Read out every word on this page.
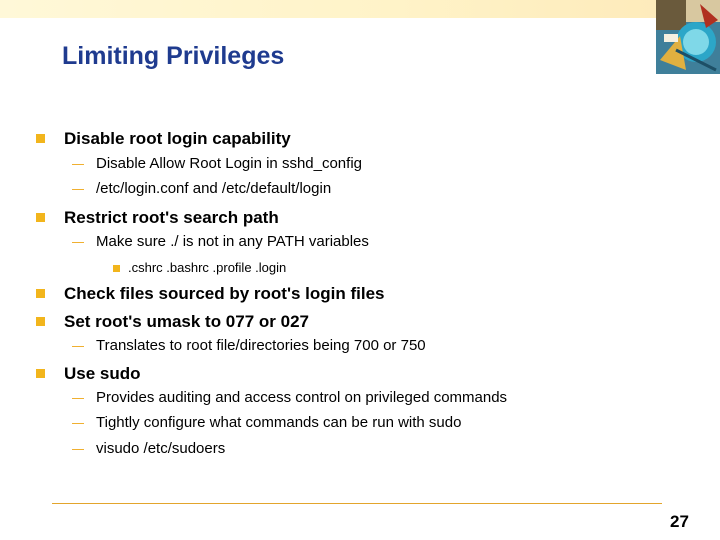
Limiting Privileges
Disable root login capability
Disable Allow Root Login in sshd_config
/etc/login.conf and /etc/default/login
Restrict root's search path
Make sure ./ is not in any PATH variables
.cshrc .bashrc .profile .login
Check files sourced by root's login files
Set root's umask to 077 or 027
Translates to root file/directories being 700 or 750
Use sudo
Provides auditing and access control on privileged commands
Tightly configure what commands can be run with sudo
visudo /etc/sudoers
27
